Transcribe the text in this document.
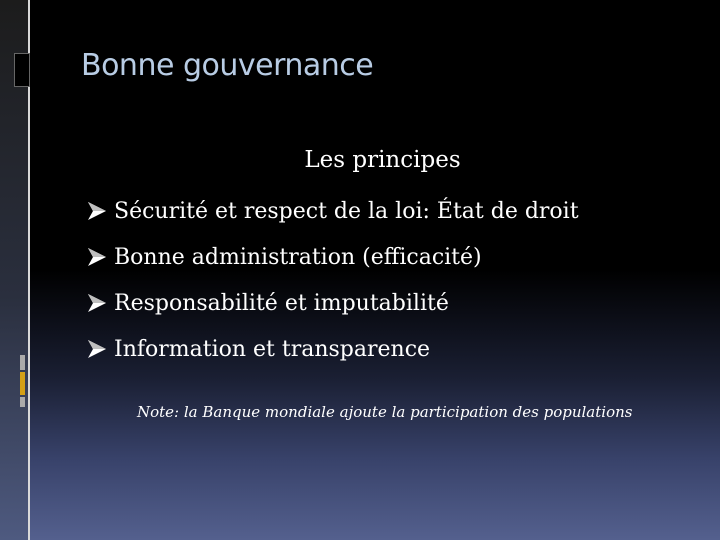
Bonne gouvernance
Les principes
Sécurité et respect de la loi: État de droit
Bonne administration (efficacité)
Responsabilité et imputabilité
Information et transparence
Note: la Banque mondiale ajoute la participation des populations
